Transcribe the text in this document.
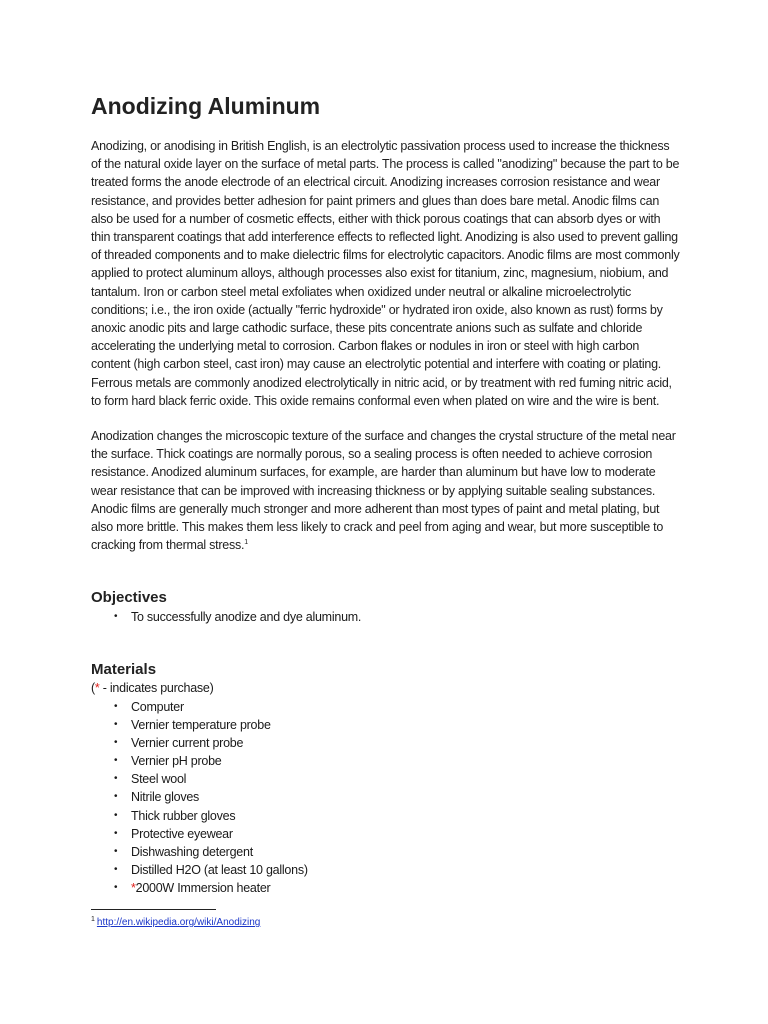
Anodizing Aluminum

Anodizing, or anodising in British English, is an electrolytic passivation process used to increase the thickness of the natural oxide layer on the surface of metal parts. The process is called "anodizing" because the part to be treated forms the anode electrode of an electrical circuit. Anodizing increases corrosion resistance and wear resistance, and provides better adhesion for paint primers and glues than does bare metal. Anodic films can also be used for a number of cosmetic effects, either with thick porous coatings that can absorb dyes or with thin transparent coatings that add interference effects to reflected light. Anodizing is also used to prevent galling of threaded components and to make dielectric films for electrolytic capacitors. Anodic films are most commonly applied to protect aluminum alloys, although processes also exist for titanium, zinc, magnesium, niobium, and tantalum. Iron or carbon steel metal exfoliates when oxidized under neutral or alkaline microelectrolytic conditions; i.e., the iron oxide (actually "ferric hydroxide" or hydrated iron oxide, also known as rust) forms by anoxic anodic pits and large cathodic surface, these pits concentrate anions such as sulfate and chloride accelerating the underlying metal to corrosion. Carbon flakes or nodules in iron or steel with high carbon content (high carbon steel, cast iron) may cause an electrolytic potential and interfere with coating or plating. Ferrous metals are commonly anodized electrolytically in nitric acid, or by treatment with red fuming nitric acid, to form hard black ferric oxide. This oxide remains conformal even when plated on wire and the wire is bent.

Anodization changes the microscopic texture of the surface and changes the crystal structure of the metal near the surface. Thick coatings are normally porous, so a sealing process is often needed to achieve corrosion resistance. Anodized aluminum surfaces, for example, are harder than aluminum but have low to moderate wear resistance that can be improved with increasing thickness or by applying suitable sealing substances. Anodic films are generally much stronger and more adherent than most types of paint and metal plating, but also more brittle. This makes them less likely to crack and peel from aging and wear, but more susceptible to cracking from thermal stress.$^1$

Objectives
• To successfully anodize and dye aluminum.
Materials
(* - indicates purchase)
• Computer
• Vernier temperature probe
• Vernier current probe
• Vernier pH probe
• Steel wool
• Nitrile gloves
• Thick rubber gloves
• Protective eyewear
• Dishwashing detergent
• Distilled H2O (at least 10 gallons)
• *2000W Immersion heater
$^1$ http://en.wikipedia.org/wiki/Anodizing
